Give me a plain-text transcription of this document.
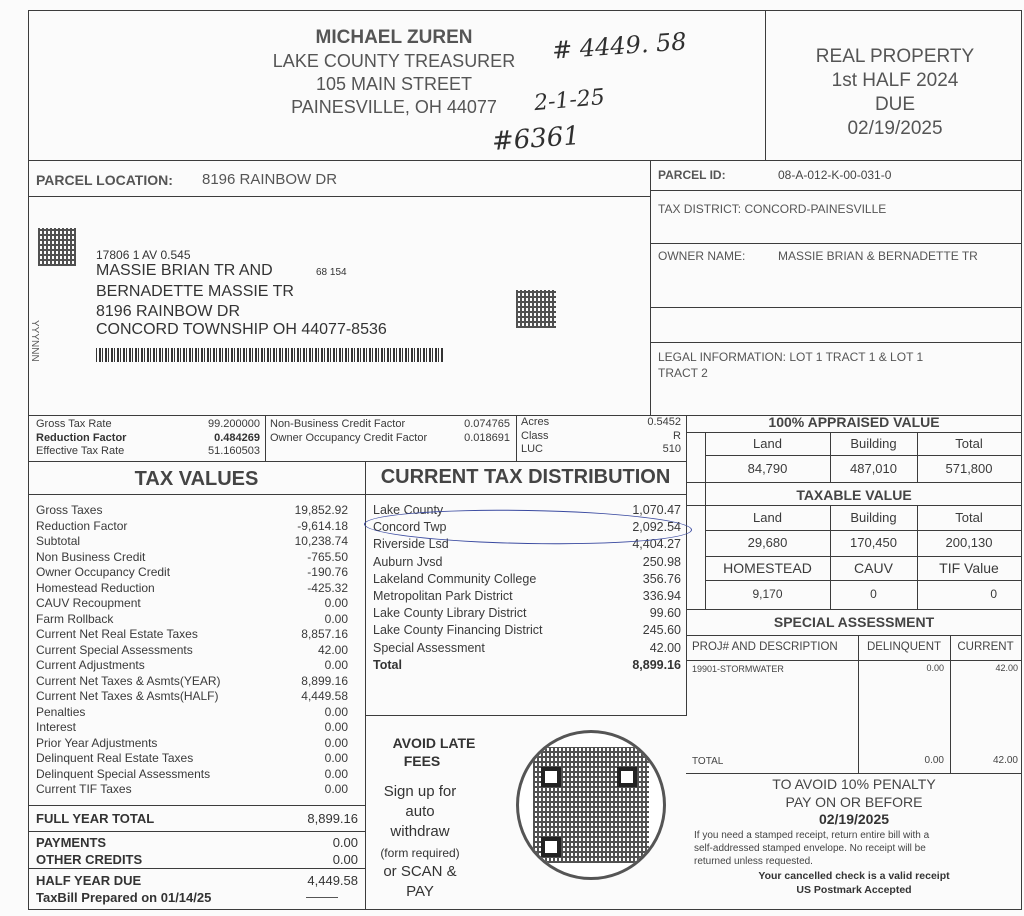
MICHAEL ZUREN
LAKE COUNTY TREASURER
105 MAIN STREET
PAINESVILLE, OH 44077
REAL PROPERTY
1st HALF 2024
DUE
02/19/2025
# 4449. 58
2-1-25
#6361
PARCEL LOCATION: 8196 RAINBOW DR	PARCEL ID:	08-A-012-K-00-031-0
TAX DISTRICT: CONCORD-PAINESVILLE
OWNER NAME:	MASSIE BRIAN & BERNADETTE TR
LEGAL INFORMATION: LOT 1 TRACT 1 & LOT 1
TRACT 2
17806 1 AV 0.545
MASSIE BRIAN TR AND	68 154
BERNADETTE MASSIE TR
8196 RAINBOW DR
CONCORD TOWNSHIP OH 44077-8536
YYYNNN
Gross Tax Rate	99.200000
Reduction Factor	0.484269
Effective Tax Rate	51.160503
Non-Business Credit Factor	0.074765
Owner Occupancy Credit Factor	0.018691
Acres	0.5452
Class	R
LUC	510
TAX VALUES
Gross Taxes	19,852.92
Reduction Factor	-9,614.18
Subtotal	10,238.74
Non Business Credit	-765.50
Owner Occupancy Credit	-190.76
Homestead Reduction	-425.32
CAUV Recoupment	0.00
Farm Rollback	0.00
Current Net Real Estate Taxes	8,857.16
Current Special Assessments	42.00
Current Adjustments	0.00
Current Net Taxes & Asmts(YEAR)	8,899.16
Current Net Taxes & Asmts(HALF)	4,449.58
Penalties	0.00
Interest	0.00
Prior Year Adjustments	0.00
Delinquent Real Estate Taxes	0.00
Delinquent Special Assessments	0.00
Current TIF Taxes	0.00
FULL YEAR TOTAL	8,899.16
PAYMENTS	0.00
OTHER CREDITS	0.00
HALF YEAR DUE	4,449.58
TaxBill Prepared on 01/14/25
CURRENT TAX DISTRIBUTION
Lake County	1,070.47
Concord Twp	2,092.54
Riverside Lsd	4,404.27
Auburn Jvsd	250.98
Lakeland Community College	356.76
Metropolitan Park District	336.94
Lake County Library District	99.60
Lake County Financing District	245.60
Special Assessment	42.00
Total	8,899.16
AVOID LATE
FEES
Sign up for
auto
withdraw
(form required)
or SCAN &
PAY
100% APPRAISED VALUE
Land	Building	Total
84,790	487,010	571,800
TAXABLE VALUE
Land	Building	Total
29,680	170,450	200,130
HOMESTEAD	CAUV	TIF Value
9,170	0	0
SPECIAL ASSESSMENT
PROJ# AND DESCRIPTION	DELINQUENT	CURRENT
19901-STORMWATER	0.00	42.00
TOTAL	0.00	42.00
TO AVOID 10% PENALTY
PAY ON OR BEFORE
02/19/2025
If you need a stamped receipt, return entire bill with a
self-addressed stamped envelope. No receipt will be
returned unless requested.
Your cancelled check is a valid receipt
US Postmark Accepted
